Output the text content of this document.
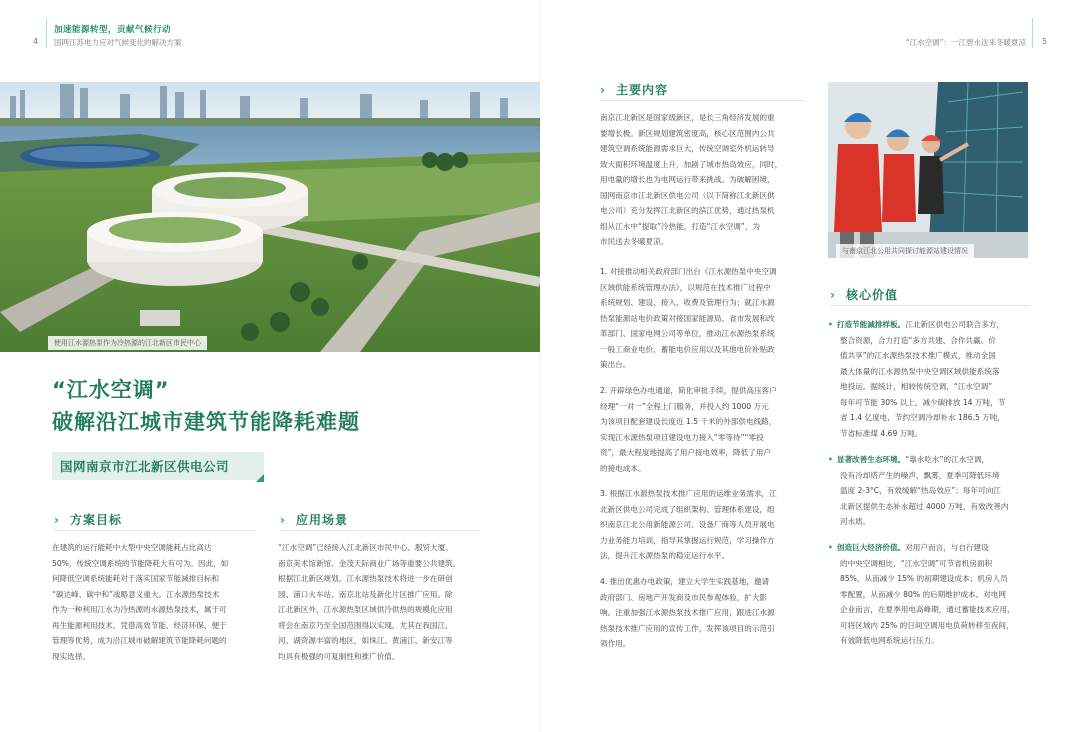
4
加速能源转型，贡献气候行动
国网江苏电力应对气候变化的解决方案	“江水空调”：一江碧水送来冬暖夏凉 5
使用江水源热泵作为冷热源的江北新区市民中心
“江水空调”
破解沿江城市建筑节能降耗难题
国网南京市江北新区供电公司
› 方案目标

在建筑的运行能耗中大型中央空调能耗占比高达

50%，传统空调系统的节能降耗大有可为。因此，如

何降低空调系统能耗对于落实国家节能减排目标和

“碳达峰、碳中和”战略意义重大。江水源热泵技术

作为一种利用江水为冷热源的水源热泵技术，属于可

再生能源利用技术，凭借高效节能、经济环保、便于

管理等优势，成为沿江城市破解建筑节能降耗问题的

现实选择。

› 应用场景

“江水空调”已经接入江北新区市民中心、服贸大厦、

南京美术馆新馆、金茂天际商业广场等重要公共建筑。

根据江北新区规划，江水源热泵技术将进一步在研创

园、浦口火车站、南京北站及新化片区推广应用。除

江北新区外，江水源热泵区域供冷供热的规模化应用

将会在南京乃至全国范围得以实现，尤其在我国江、

河、湖资源丰富的地区，如珠江、黄浦江、新安江等

均具有极强的可复制性和推广价值。

› 主要内容

南京江北新区是国家级新区，是长三角经济发展的重

要增长极。新区规划建筑密度高，核心区范围内公共

建筑空调系统能源需求巨大，传统空调室外机运转导

致大面积环境温度上升，加剧了城市热岛效应，同时，

用电量的增长也为电网运行带来挑战。为破解困境，

国网南京市江北新区供电公司（以下简称江北新区供

电公司）充分发挥江北新区的滨江优势，通过热泵机

组从江水中“提取”冷热能，打造“江水空调”，为

市民送去冬暖夏凉。

1. 对接推动相关政府部门出台《江水源热泵中央空调

区域供能系统管理办法》，以规范在技术推广过程中

系统规划、建设、接入、收费及管理行为；就江水源

热泵能源站电价政策对接国家能源局、省市发展和改

革部门、国家电网公司等单位，推动江水源热泵系统

一般工商业电价、蓄能电价应用以及其他电价补贴政

策出台。

2. 开辟绿色办电通道，简化审批手续，提供高压客户

经理“一对一”全程上门服务，并投入约 1000 万元

为该项目配套建设长度近 1.5 千米的外部供电线路，

实现江水源热泵项目建设电力接入“零等待”“零投

资”，最大程度地提高了用户接电效率，降低了用户

的接电成本。

3. 根据江水源热泵技术推广应用的运维业务需求，江

北新区供电公司完成了组织架构、管理体系建设，组

织南京江北公用新能源公司、设备厂商等人员开展电

力业务能力培训，指导其掌握运行规范，学习操作方

法，提升江水源热泵的稳定运行水平。

4. 推出优惠办电政策，建立大学生实践基地，邀请

政府部门、房地产开发商及市民参观体验，扩大影

响。注重加强江水源热泵技术推广应用，跟进江水源

热泵技术推广应用的宣传工作，发挥该项目的示范引

领作用。

与南京江北公用共同探讨能源站建设情况
› 核心价值

• 打造节能减排样板。江北新区供电公司联合多方，

整合资源，合力打造“多方共建、合作共赢、价

值共享”的江水源热泵技术推广模式，推动全国

最大体量的江水源热泵中央空调区域供能系统落

地投运。据统计，相较传统空调，“江水空调”

每年可节能 30% 以上，减少碳排放 14 万吨，节

省 1.4 亿度电，节约空调冷却补水 186.5 万吨，

节省标准煤 4.69 万吨。

• 显著改善生态环境。“靠水吃水”的江水空调，

没有冷却塔产生的噪声、飘雾，夏季可降低环境

温度 2-3°C，有效缓解“热岛效应”；每年可向江

北新区提供生态补水超过 4000 万吨，有效改善内

河水质。

• 创造巨大经济价值。对用户而言，与自行建设

的中央空调相比，“江水空调”可节省机房面积

85%，从而减少 15% 的初期建设成本；机房人员

零配置，从而减少 80% 的后期维护成本。对电网

企业而言，在夏季用电高峰期，通过蓄能技术应用，

可将区域内 25% 的日间空调用电负荷转移至夜间，

有效降低电网系统运行压力。
